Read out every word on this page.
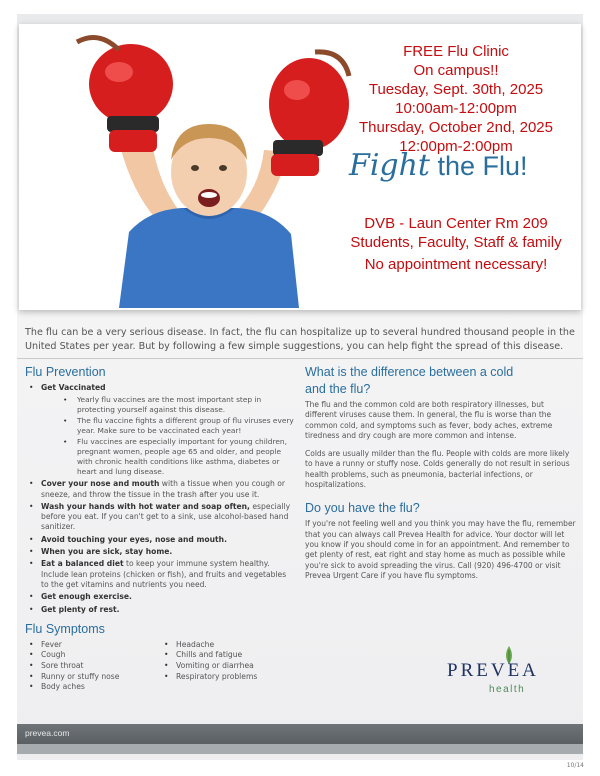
FREE Flu Clinic
On campus!!
Tuesday, Sept. 30th, 2025
10:00am-12:00pm
Thursday, October 2nd, 2025
12:00pm-2:00pm
Fight the Flu!
DVB - Laun Center Rm 209
Students, Faculty, Staff & family
No appointment necessary!

The flu can be a very serious disease. In fact, the flu can hospitalize up to several hundred thousand people in the United States per year. But by following a few simple suggestions, you can help fight the spread of this disease.

Flu Prevention
• Get Vaccinated
• Yearly flu vaccines are the most important step in protecting yourself against this disease.
• The flu vaccine fights a different group of flu viruses every year. Make sure to be vaccinated each year!
• Flu vaccines are especially important for young children, pregnant women, people age 65 and older, and people with chronic health conditions like asthma, diabetes or heart and lung disease.
• Cover your nose and mouth with a tissue when you cough or sneeze, and throw the tissue in the trash after you use it.
• Wash your hands with hot water and soap often, especially before you eat. If you can't get to a sink, use alcohol-based hand sanitizer.
• Avoid touching your eyes, nose and mouth.
• When you are sick, stay home.
• Eat a balanced diet to keep your immune system healthy. Include lean proteins (chicken or fish), and fruits and vegetables to the get vitamins and nutrients you need.
• Get enough exercise.
• Get plenty of rest.
Flu Symptoms
• Fever
• Cough
• Sore throat
• Runny or stuffy nose
• Body aches
• Headache
• Chills and fatigue
• Vomiting or diarrhea
• Respiratory problems
What is the difference between a cold
and the flu?

The flu and the common cold are both respiratory illnesses, but different viruses cause them. In general, the flu is worse than the common cold, and symptoms such as fever, body aches, extreme tiredness and dry cough are more common and intense.

Colds are usually milder than the flu. People with colds are more likely to have a runny or stuffy nose. Colds generally do not result in serious health problems, such as pneumonia, bacterial infections, or hospitalizations.

Do you have the flu?

If you're not feeling well and you think you may have the flu, remember that you can always call Prevea Health for advice. Your doctor will let you know if you should come in for an appointment. And remember to get plenty of rest, eat right and stay home as much as possible while you're sick to avoid spreading the virus. Call (920) 496-4700 or visit Prevea Urgent Care if you have flu symptoms.

PREVEA
health
prevea.com
10/14
